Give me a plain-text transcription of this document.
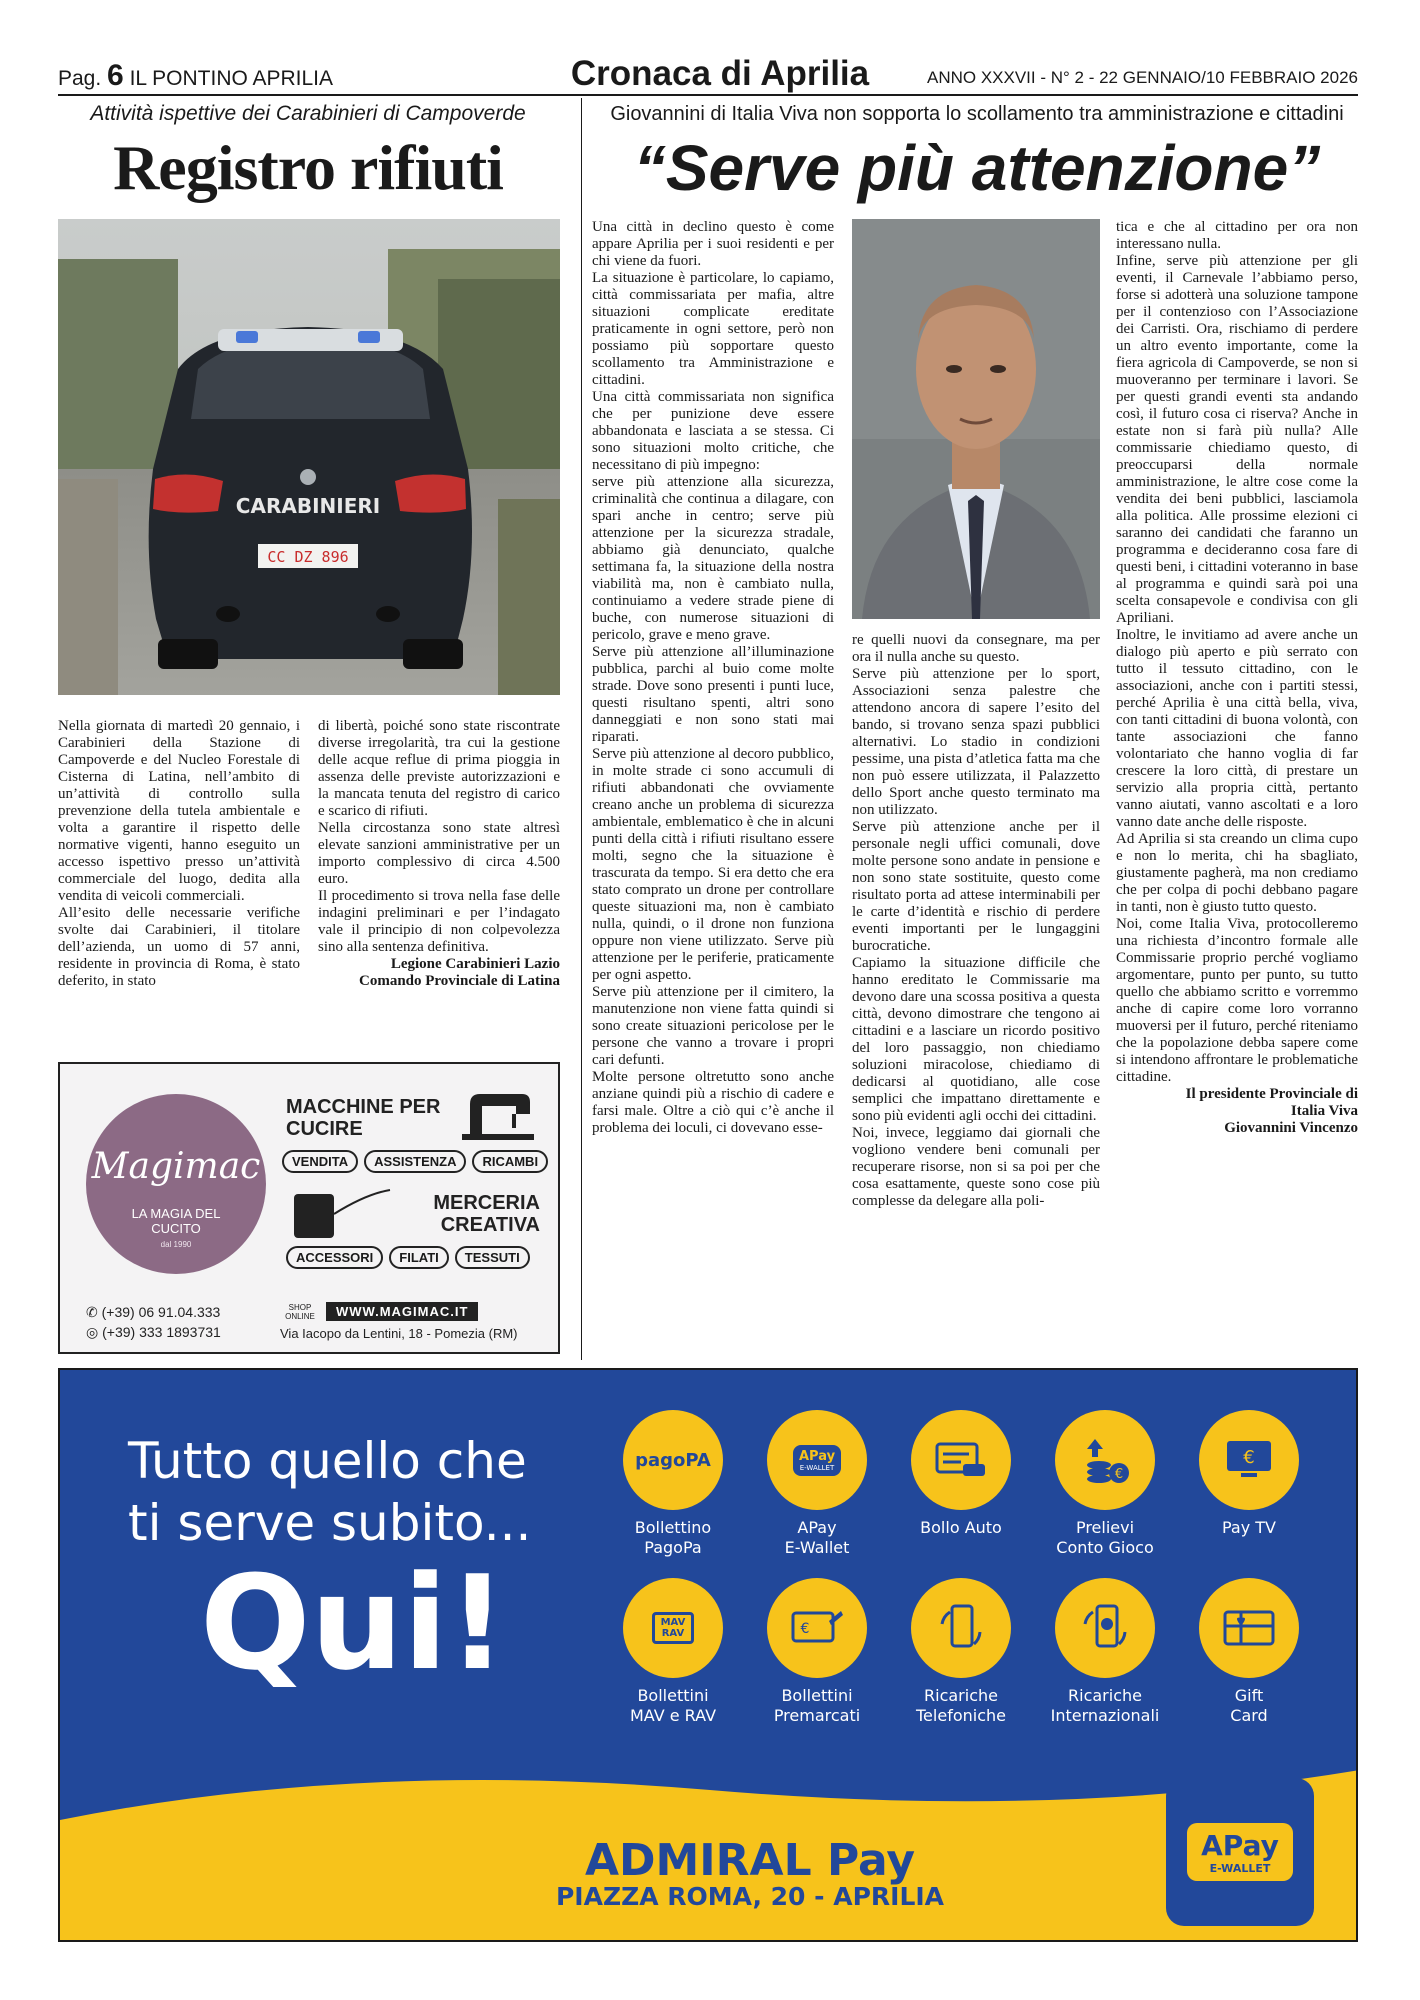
Pag. 6 IL PONTINO APRILIA	Cronaca di Aprilia	ANNO XXXVII - N° 2 - 22 GENNAIO/10 FEBBRAIO 2026
Attività ispettive dei Carabinieri di Campoverde
Registro rifiuti
CARABINIERI
CC DZ 896

Nella giornata di martedì 20 gennaio, i Carabinieri della Stazione di Campoverde e del Nucleo Forestale di Cisterna di Latina, nell’ambito di un’attività di controllo sulla prevenzione della tutela ambientale e volta a garantire il rispetto delle normative vigenti, hanno eseguito un accesso ispettivo presso un’attività commerciale del luogo, dedita alla vendita di veicoli commerciali.

All’esito delle necessarie verifiche svolte dai Carabinieri, il titolare dell’azienda, un uomo di 57 anni, residente in provincia di Roma, è stato deferito, in stato

di libertà, poiché sono state riscontrate diverse irregolarità, tra cui la gestione delle acque reflue di prima pioggia in assenza delle previste autorizzazioni e la mancata tenuta del registro di carico e scarico di rifiuti.

Nella circostanza sono state altresì elevate sanzioni amministrative per un importo complessivo di circa 4.500 euro.

Il procedimento si trova nella fase delle indagini preliminari e per l’indagato vale il principio di non colpevolezza sino alla sentenza definitiva.

Legione Carabinieri Lazio

Comando Provinciale di Latina

Magimac
LA MAGIA DEL CUCITO
dal 1990
MACCHINE PER CUCIRE
VENDITA	ASSISTENZA	RICAMBI
MERCERIA CREATIVA
ACCESSORI	FILATI	TESSUTI
✆ (+39) 06 91.04.333
◎ (+39) 333 1893731
SHOP ONLINE	WWW.MAGIMAC.IT
Via Iacopo da Lentini, 18 - Pomezia (RM)
Giovannini di Italia Viva non sopporta lo scollamento tra amministrazione e cittadini
“Serve più attenzione”

Una città in declino questo è come appare Aprilia per i suoi residenti e per chi viene da fuori.

La situazione è particolare, lo capiamo, città commissariata per mafia, altre situazioni complicate ereditate praticamente in ogni settore, però non possiamo più sopportare questo scollamento tra Amministrazione e cittadini.

Una città commissariata non significa che per punizione deve essere abbandonata e lasciata a se stessa. Ci sono situazioni molto critiche, che necessitano di più impegno:

serve più attenzione alla sicurezza, criminalità che continua a dilagare, con spari anche in centro; serve più attenzione per la sicurezza stradale, abbiamo già denunciato, qualche settimana fa, la situazione della nostra viabilità ma, non è cambiato nulla, continuiamo a vedere strade piene di buche, con numerose situazioni di pericolo, grave e meno grave.

Serve più attenzione all’illuminazione pubblica, parchi al buio come molte strade. Dove sono presenti i punti luce, questi risultano spenti, altri sono danneggiati e non sono stati mai riparati.

Serve più attenzione al decoro pubblico, in molte strade ci sono accumuli di rifiuti abbandonati che ovviamente creano anche un problema di sicurezza ambientale, emblematico è che in alcuni punti della città i rifiuti risultano essere molti, segno che la situazione è trascurata da tempo. Si era detto che era stato comprato un drone per controllare queste situazioni ma, non è cambiato nulla, quindi, o il drone non funziona oppure non viene utilizzato. Serve più attenzione per le periferie, praticamente per ogni aspetto.

Serve più attenzione per il cimitero, la manutenzione non viene fatta quindi si sono create situazioni pericolose per le persone che vanno a trovare i propri cari defunti.

Molte persone oltretutto sono anche anziane quindi più a rischio di cadere e farsi male. Oltre a ciò qui c’è anche il problema dei loculi, ci dovevano esse-

re quelli nuovi da consegnare, ma per ora il nulla anche su questo.

Serve più attenzione per lo sport, Associazioni senza palestre che attendono ancora di sapere l’esito del bando, si trovano senza spazi pubblici alternativi. Lo stadio in condizioni pessime, una pista d’atletica fatta ma che non può essere utilizzata, il Palazzetto dello Sport anche questo terminato ma non utilizzato.

Serve più attenzione anche per il personale negli uffici comunali, dove molte persone sono andate in pensione e non sono state sostituite, questo come risultato porta ad attese interminabili per le carte d’identità e rischio di perdere eventi importanti per le lungaggini burocratiche.

Capiamo la situazione difficile che hanno ereditato le Commissarie ma devono dare una scossa positiva a questa città, devono dimostrare che tengono ai cittadini e a lasciare un ricordo positivo del loro passaggio, non chiediamo soluzioni miracolose, chiediamo di dedicarsi al quotidiano, alle cose semplici che impattano direttamente e sono più evidenti agli occhi dei cittadini.

Noi, invece, leggiamo dai giornali che vogliono vendere beni comunali per recuperare risorse, non si sa poi per che cosa esattamente, queste sono cose più complesse da delegare alla poli-

tica e che al cittadino per ora non interessano nulla.

Infine, serve più attenzione per gli eventi, il Carnevale l’abbiamo perso, forse si adotterà una soluzione tampone per il contenzioso con l’Associazione dei Carristi. Ora, rischiamo di perdere un altro evento importante, come la fiera agricola di Campoverde, se non si muoveranno per terminare i lavori. Se per questi grandi eventi sta andando così, il futuro cosa ci riserva? Anche in estate non si farà più nulla? Alle commissarie chiediamo questo, di preoccuparsi della normale amministrazione, le altre cose come la vendita dei beni pubblici, lasciamola alla politica. Alle prossime elezioni ci saranno dei candidati che faranno un programma e decideranno cosa fare di questi beni, i cittadini voteranno in base al programma e quindi sarà poi una scelta consapevole e condivisa con gli Apriliani.

Inoltre, le invitiamo ad avere anche un dialogo più aperto e più serrato con tutto il tessuto cittadino, con le associazioni, anche con i partiti stessi, perché Aprilia è una città bella, viva, con tanti cittadini di buona volontà, con tante associazioni che fanno volontariato che hanno voglia di far crescere la loro città, di prestare un servizio alla propria città, pertanto vanno aiutati, vanno ascoltati e a loro vanno date anche delle risposte.

Ad Aprilia si sta creando un clima cupo e non lo merita, chi ha sbagliato, giustamente pagherà, ma non crediamo che per colpa di pochi debbano pagare in tanti, non è giusto tutto questo.

Noi, come Italia Viva, protocolleremo una richiesta d’incontro formale alle Commissarie proprio perché vogliamo argomentare, punto per punto, su tutto quello che abbiamo scritto e vorremmo anche di capire come loro vorranno muoversi per il futuro, perché riteniamo che la popolazione debba sapere come si intendono affrontare le problematiche cittadine.

Il presidente Provinciale di

Italia Viva

Giovannini Vincenzo

Tutto quello che
ti serve subito...
Qui!
pagoPA
Bollettino
PagoPa
APay
E-WALLET
APay
E-Wallet
Bollo Auto
€
Prelievi
Conto Gioco
€
Pay TV
MAV
RAV
Bollettini
MAV e RAV
€
Bollettini
Premarcati
Ricariche
Telefoniche
Ricariche
Internazionali
Gift
Card
ADMIRAL Pay
PIAZZA ROMA, 20 - APRILIA
APay
E-WALLET
